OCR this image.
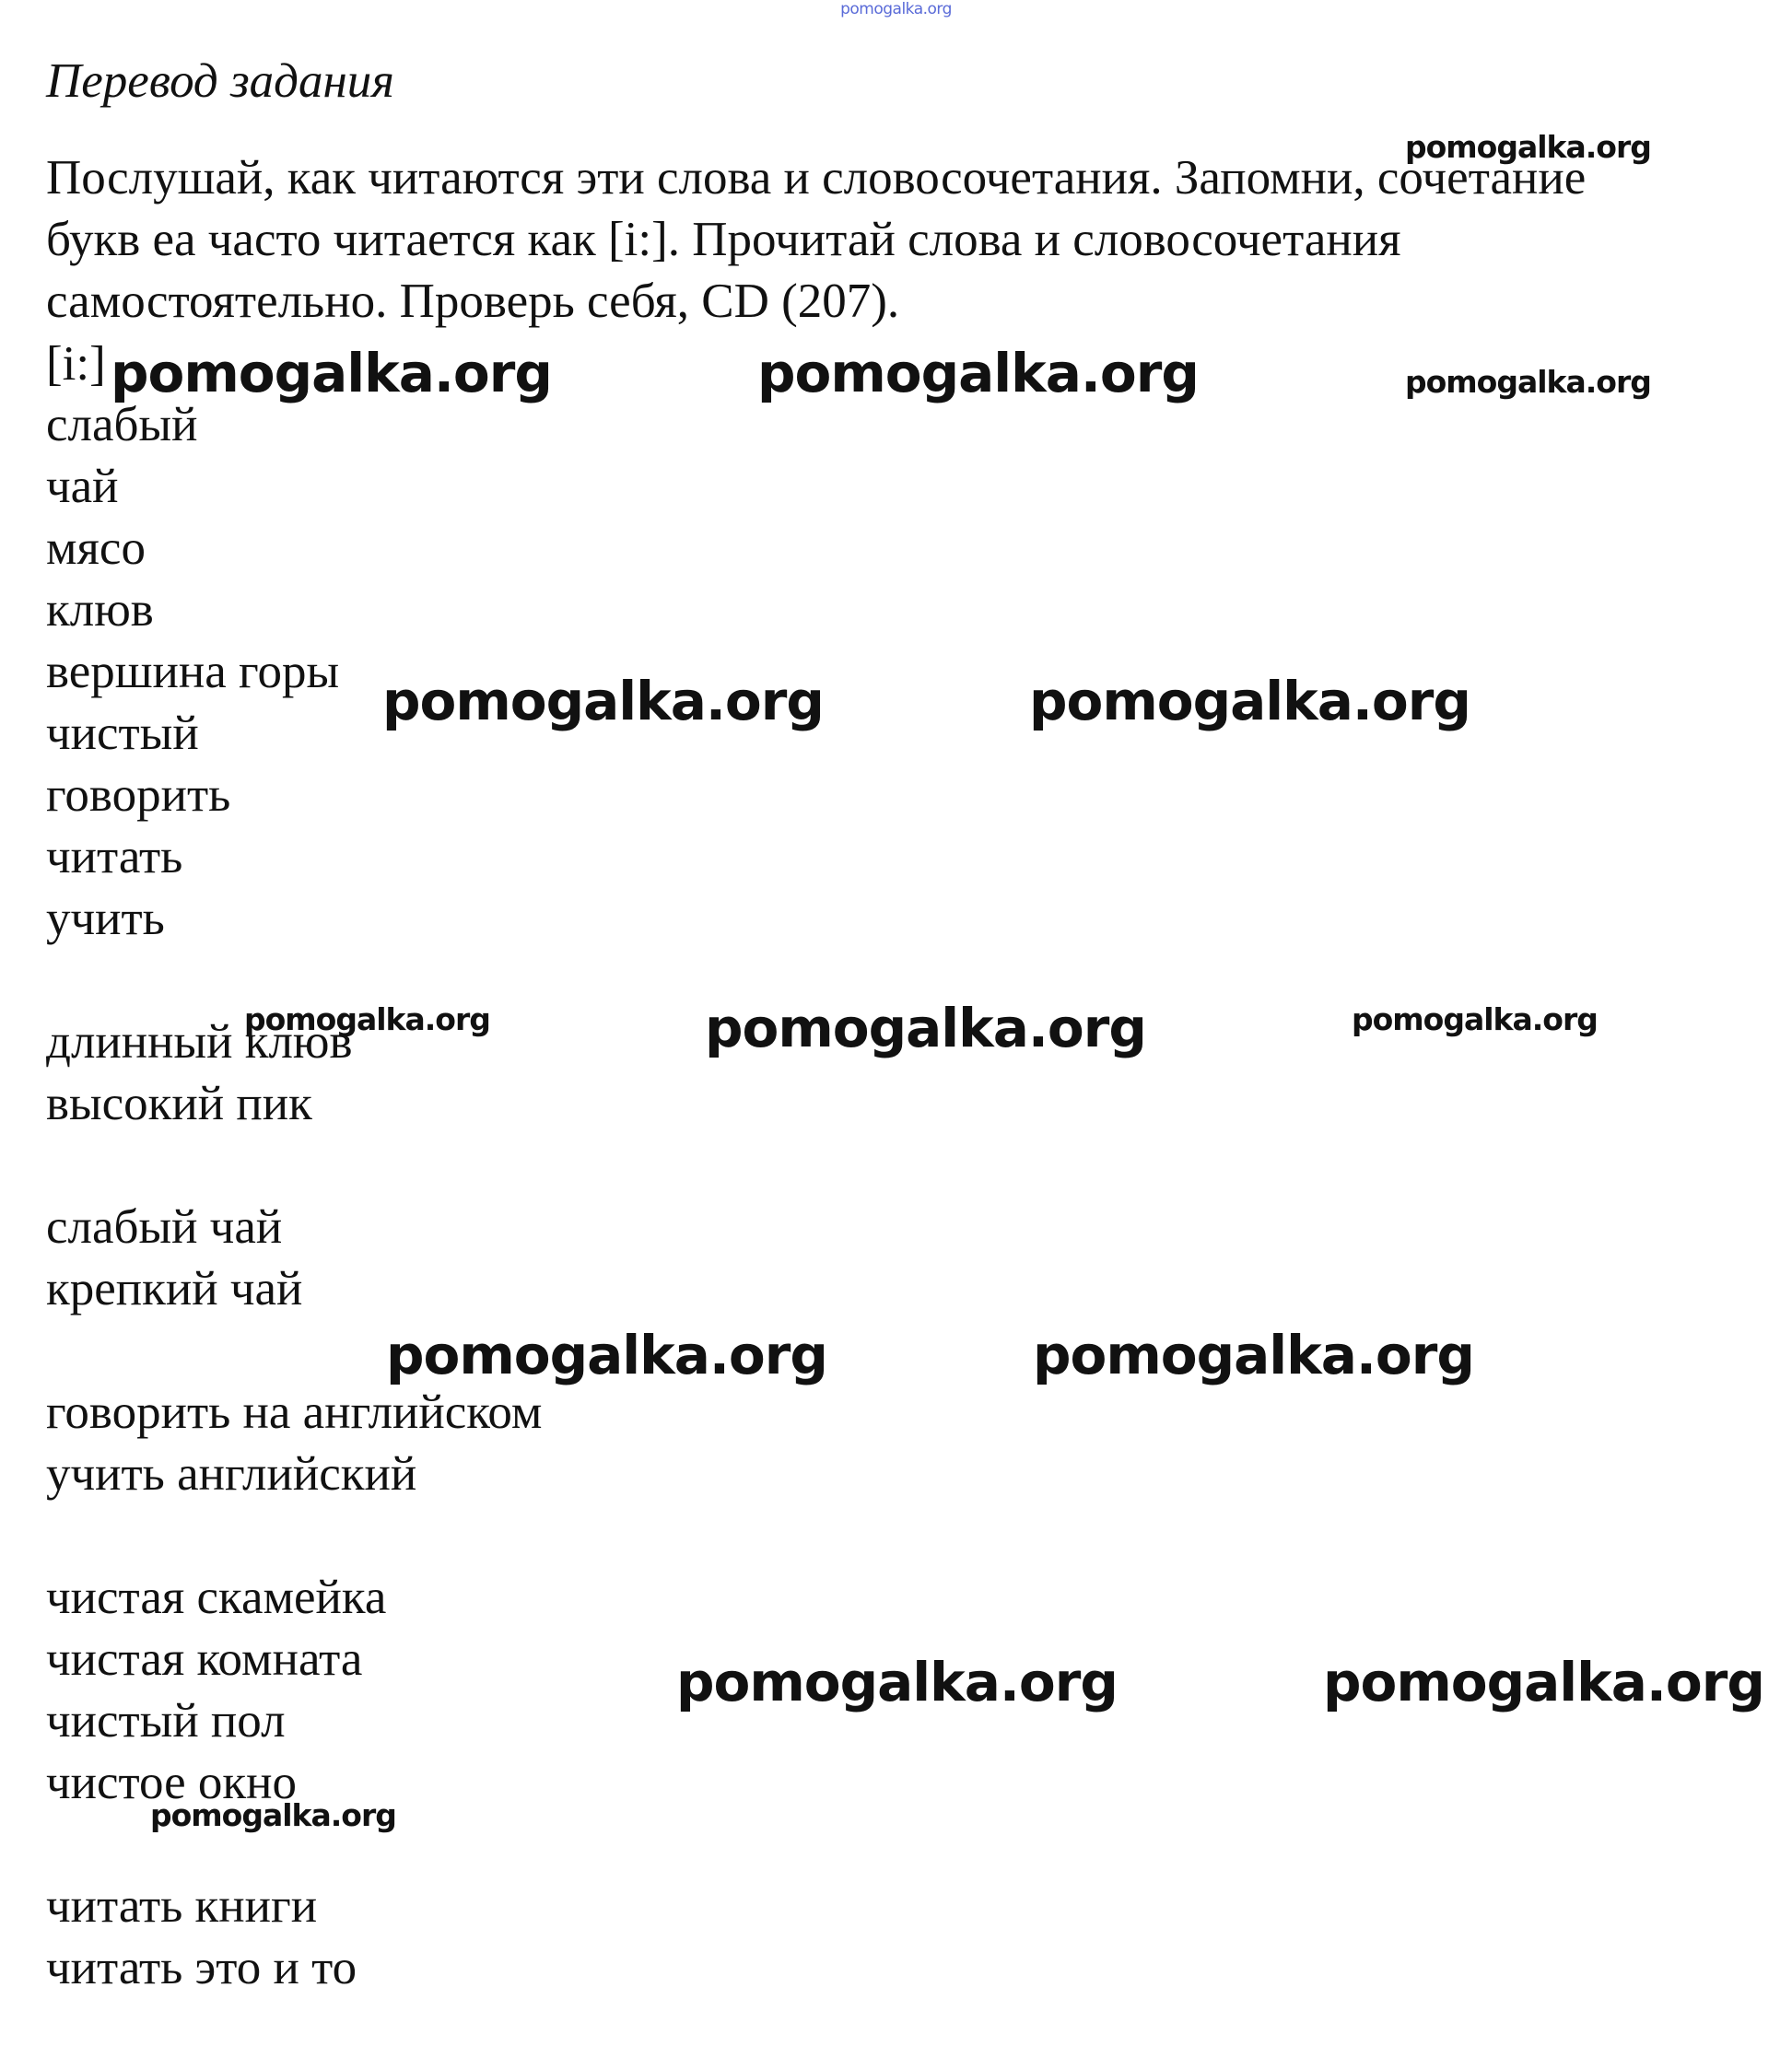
pomogalka.org
Перевод задания
Послушай, как читаются эти слова и словосочетания. Запомни, сочетание
букв ea часто читается как [i:]. Прочитай слова и словосочетания
самостоятельно. Проверь себя, CD (207).
[i:]
слабый
чай
мясо
клюв
вершина горы
чистый
говорить
читать
учить
длинный клюв
высокий пик
слабый чай
крепкий чай
говорить на английском
учить английский
чистая скамейка
чистая комната
чистый пол
чистое окно
читать книги
читать это и то
pomogalka.org
pomogalka.org	pomogalka.org	pomogalka.org
pomogalka.org	pomogalka.org
pomogalka.org	pomogalka.org	pomogalka.org
pomogalka.org	pomogalka.org
pomogalka.org	pomogalka.org
pomogalka.org
